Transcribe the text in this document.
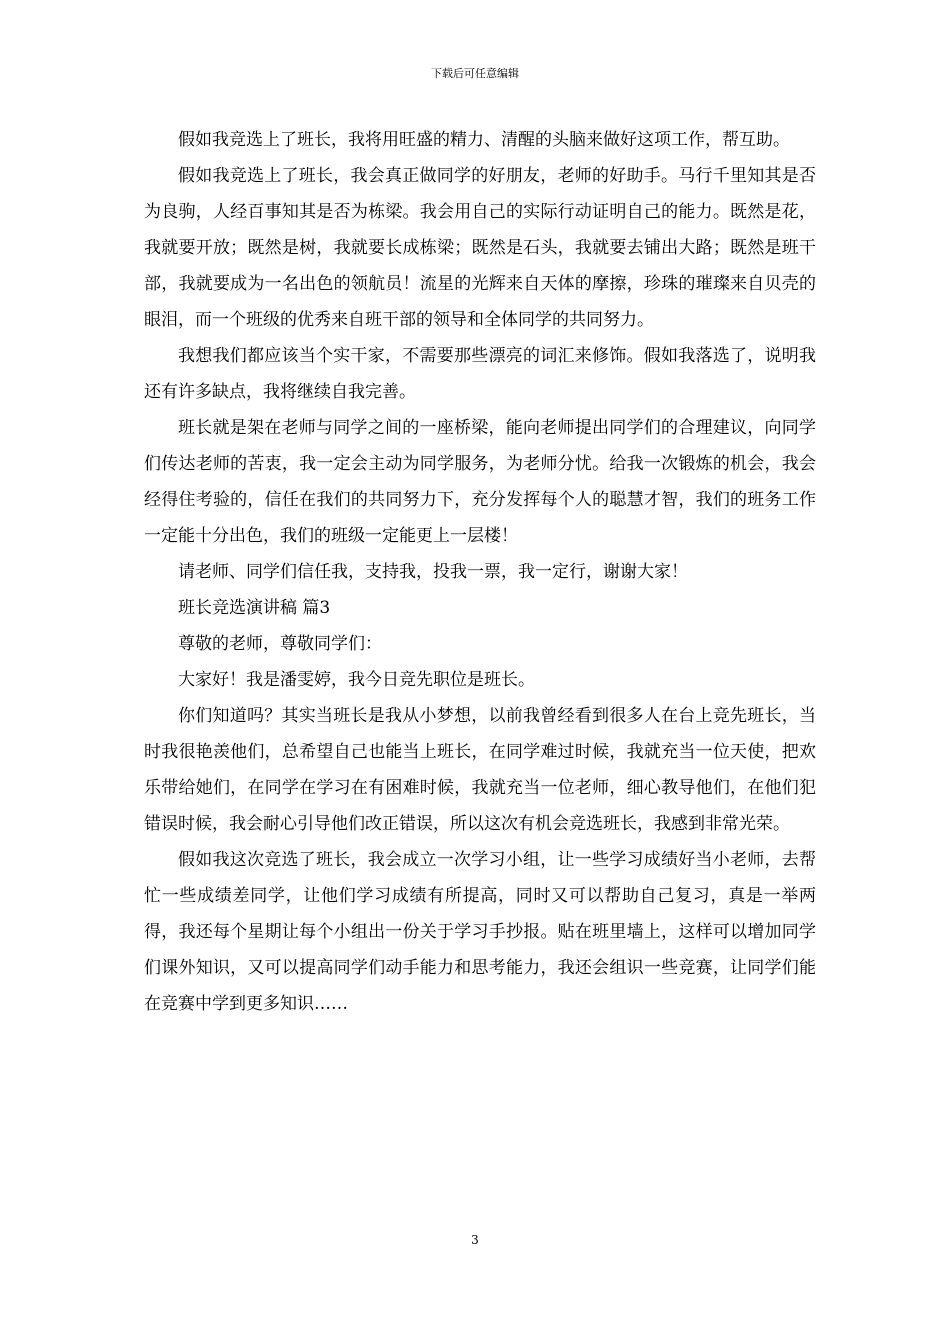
下载后可任意编辑

假如我竞选上了班长，我将用旺盛的精力、清醒的头脑来做好这项工作，帮互助。

假如我竞选上了班长，我会真正做同学的好朋友，老师的好助手。马行千里知其是否为良驹，人经百事知其是否为栋梁。我会用自己的实际行动证明自己的能力。既然是花，我就要开放；既然是树，我就要长成栋梁；既然是石头，我就要去铺出大路；既然是班干部，我就要成为一名出色的领航员！流星的光辉来自天体的摩擦，珍珠的璀璨来自贝壳的眼泪，而一个班级的优秀来自班干部的领导和全体同学的共同努力。

我想我们都应该当个实干家，不需要那些漂亮的词汇来修饰。假如我落选了，说明我还有许多缺点，我将继续自我完善。

班长就是架在老师与同学之间的一座桥梁，能向老师提出同学们的合理建议，向同学们传达老师的苦衷，我一定会主动为同学服务，为老师分忧。给我一次锻炼的机会，我会经得住考验的，信任在我们的共同努力下，充分发挥每个人的聪慧才智，我们的班务工作一定能十分出色，我们的班级一定能更上一层楼！

请老师、同学们信任我，支持我，投我一票，我一定行，谢谢大家！

班长竞选演讲稿 篇3

尊敬的老师，尊敬同学们：

大家好！我是潘雯婷，我今日竞先职位是班长。

你们知道吗？其实当班长是我从小梦想，以前我曾经看到很多人在台上竞先班长，当时我很艳羡他们，总希望自己也能当上班长，在同学难过时候，我就充当一位天使，把欢乐带给她们，在同学在学习在有困难时候，我就充当一位老师，细心教导他们，在他们犯错误时候，我会耐心引导他们改正错误，所以这次有机会竞选班长，我感到非常光荣。

假如我这次竞选了班长，我会成立一次学习小组，让一些学习成绩好当小老师，去帮忙一些成绩差同学，让他们学习成绩有所提高，同时又可以帮助自己复习，真是一举两得，我还每个星期让每个小组出一份关于学习手抄报。贴在班里墙上，这样可以增加同学们课外知识，又可以提高同学们动手能力和思考能力，我还会组识一些竞赛，让同学们能在竞赛中学到更多知识……

3
